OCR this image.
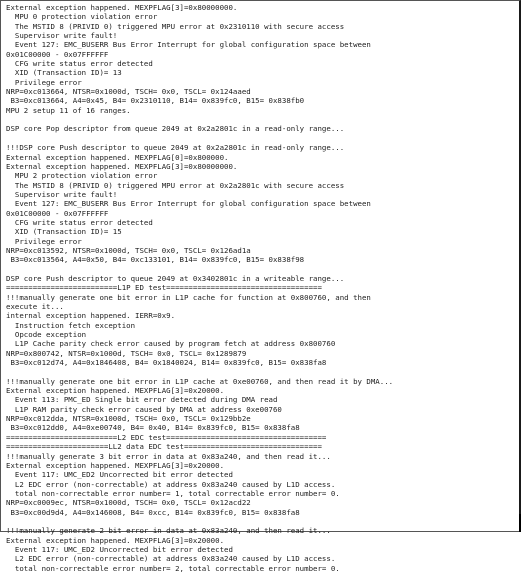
External exception happened. MEXPFLAG[3]=0x80000000.
MPU 0 protection violation error
The MSTID 8 (PRIVID 0) triggered MPU error at 0x2310110 with secure access
Supervisor write fault!
Event 127: EMC_BUSERR Bus Error Interrupt for global configuration space between
0x01C00000 - 0x07FFFFFF
CFG write status error detected
XID (Transaction ID)= 13
Privilege error
NRP=0xc013664, NTSR=0x1000d, TSCH= 0x0, TSCL= 0x124aaed
B3=0xc013664, A4=0x45, B4= 0x2310110, B14= 0x839fc0, B15= 0x838fb0
MPU 2 setup 11 of 16 ranges.
DSP core Pop descriptor from queue 2049 at 0x2a2801c in a read-only range...
!!!DSP core Push descriptor to queue 2049 at 0x2a2801c in read-only range...
External exception happened. MEXPFLAG[0]=0x800000.
External exception happened. MEXPFLAG[3]=0x80000000.
MPU 2 protection violation error
The MSTID 8 (PRIVID 0) triggered MPU error at 0x2a2801c with secure access
Supervisor write fault!
Event 127: EMC_BUSERR Bus Error Interrupt for global configuration space between
0x01C00000 - 0x07FFFFFF
CFG write status error detected
XID (Transaction ID)= 15
Privilege error
NRP=0xc013592, NTSR=0x1000d, TSCH= 0x0, TSCL= 0x126ad1a
B3=0xc013564, A4=0x50, B4= 0xc133101, B14= 0x839fc0, B15= 0x838f98
DSP core Push descriptor to queue 2049 at 0x3402801c in a writeable range...
=========================L1P ED test===================================
!!!manually generate one bit error in L1P cache for function at 0x800760, and then
execute it...
internal exception happened. IERR=0x9.
Instruction fetch exception
Opcode exception
L1P Cache parity check error caused by program fetch at address 0x800760
NRP=0x800742, NTSR=0x1000d, TSCH= 0x0, TSCL= 0x1289879
B3=0xc012d74, A4=0x1846408, B4= 0x1840024, B14= 0x839fc0, B15= 0x838fa8
!!!manually generate one bit error in L1P cache at 0xe00760, and then read it by DMA...
External exception happened. MEXPFLAG[3]=0x20000.
Event 113: PMC_ED Single bit error detected during DMA read
L1P RAM parity check error caused by DMA at address 0xe00760
NRP=0xc012dda, NTSR=0x1000d, TSCH= 0x0, TSCL= 0x129bb2e
B3=0xc012dd0, A4=0xe00740, B4= 0x40, B14= 0x839fc0, B15= 0x838fa8
=========================L2 EDC test====================================
=======================LL2 data EDC test===============================
!!!manually generate 3 bit error in data at 0x83a240, and then read it...
External exception happened. MEXPFLAG[3]=0x20000.
Event 117: UMC_ED2 Uncorrected bit error detected
L2 EDC error (non-correctable) at address 0x83a240 caused by L1D access.
total non-correctable error number= 1, total correctable error number= 0.
NRP=0xc0009ec, NTSR=0x1000d, TSCH= 0x0, TSCL= 0x12acd22
B3=0xc00d9d4, A4=0x146008, B4= 0xcc, B14= 0x839fc0, B15= 0x838fa8
!!!manually generate 2 bit error in data at 0x83a240, and then read it...
External exception happened. MEXPFLAG[3]=0x20000.
Event 117: UMC_ED2 Uncorrected bit error detected
L2 EDC error (non-correctable) at address 0x83a240 caused by L1D access.
total non-correctable error number= 2, total correctable error number= 0.
